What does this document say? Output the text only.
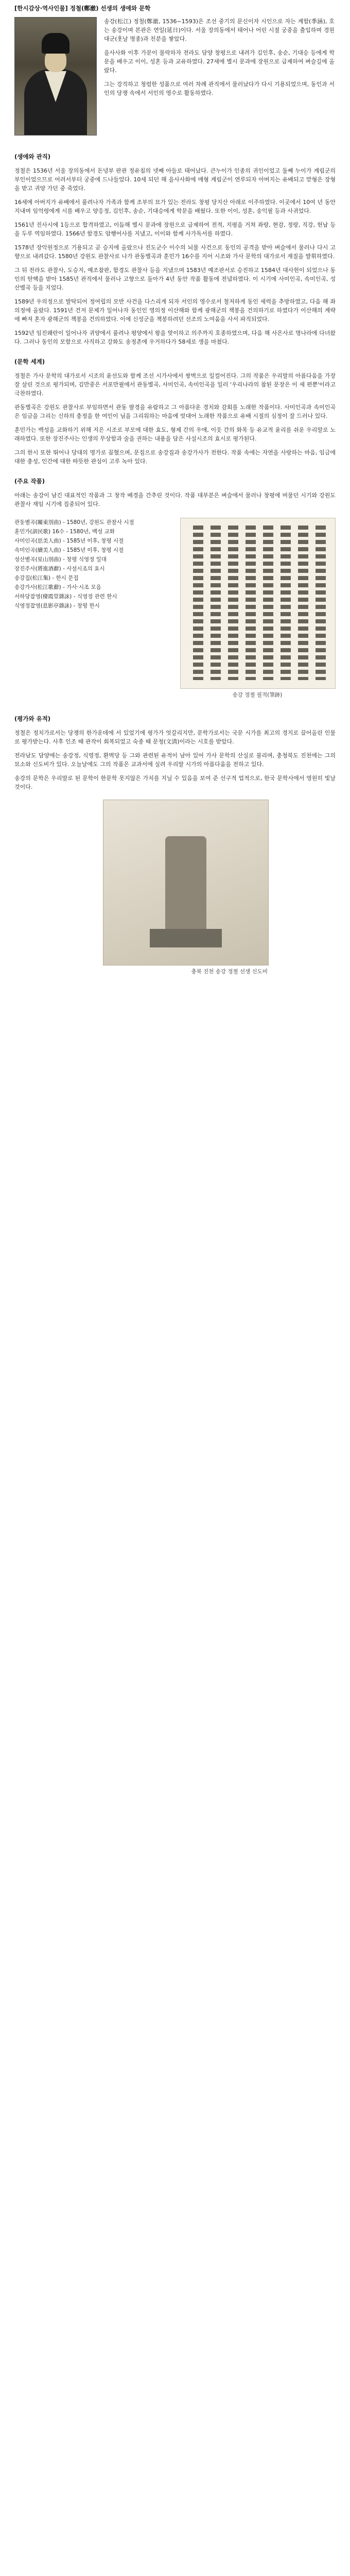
[한시감상·역사인물] 정철(鄭澈) 선생의 생애와 문학

송강(松江) 정철(鄭澈, 1536~1593)은 조선 중기의 문신이자 시인으로 자는 계함(季涵), 호는 송강이며 본관은 연일(延日)이다. 서울 장의동에서 태어나 어린 시절 궁중을 출입하며 경원대군(훗날 명종)과 친분을 쌓았다.

을사사화 이후 가문이 몰락하자 전라도 담양 창평으로 내려가 김인후, 송순, 기대승 등에게 학문을 배우고 이이, 성혼 등과 교유하였다. 27세에 별시 문과에 장원으로 급제하여 벼슬길에 올랐다.

그는 강직하고 청렴한 성품으로 여러 차례 관직에서 물러났다가 다시 기용되었으며, 동인과 서인의 당쟁 속에서 서인의 영수로 활동하였다.

(생애와 관직)

정철은 1536년 서울 장의동에서 돈녕부 판관 정유침의 넷째 아들로 태어났다. 큰누이가 인종의 귀인이었고 둘째 누이가 계림군의 부인이었으므로 어려서부터 궁중에 드나들었다. 10세 되던 해 을사사화에 매형 계림군이 연루되자 아버지는 유배되고 맏형은 장형을 받고 귀양 가던 중 죽었다.

16세에 아버지가 유배에서 풀려나자 가족과 함께 조부의 묘가 있는 전라도 창평 당지산 아래로 이주하였다. 이곳에서 10여 년 동안 지내며 임억령에게 시를 배우고 양응정, 김인후, 송순, 기대승에게 학문을 배웠다. 또한 이이, 성혼, 송익필 등과 사귀었다.

1561년 진사시에 1등으로 합격하였고, 이듬해 별시 문과에 장원으로 급제하여 전적, 지평을 거쳐 좌랑, 현감, 정랑, 직강, 헌납 등을 두루 역임하였다. 1566년 함경도 암행어사를 지냈고, 이이와 함께 사가독서를 하였다.

1578년 장악원정으로 기용되고 곧 승지에 올랐으나 진도군수 이수의 뇌물 사건으로 동인의 공격을 받아 벼슬에서 물러나 다시 고향으로 내려갔다. 1580년 강원도 관찰사로 나가 관동별곡과 훈민가 16수를 지어 시조와 가사 문학의 대가로서 재질을 발휘하였다.

그 뒤 전라도 관찰사, 도승지, 예조참판, 함경도 관찰사 등을 지냈으며 1583년 예조판서로 승진하고 1584년 대사헌이 되었으나 동인의 탄핵을 받아 1585년 관직에서 물러나 고향으로 돌아가 4년 동안 작품 활동에 전념하였다. 이 시기에 사미인곡, 속미인곡, 성산별곡 등을 지었다.

1589년 우의정으로 발탁되어 정여립의 모반 사건을 다스리게 되자 서인의 영수로서 철저하게 동인 세력을 추방하였고, 다음 해 좌의정에 올랐다. 1591년 건저 문제가 일어나자 동인인 영의정 이산해와 함께 광해군의 책봉을 건의하기로 하였다가 이산해의 계략에 빠져 혼자 광해군의 책봉을 건의하였다. 이에 신성군을 책봉하려던 선조의 노여움을 사서 파직되었다.

1592년 임진왜란이 일어나자 귀양에서 풀려나 평양에서 왕을 맞이하고 의주까지 호종하였으며, 다음 해 사은사로 명나라에 다녀왔다. 그러나 동인의 모함으로 사직하고 강화도 송정촌에 우거하다가 58세로 생을 마쳤다.

(문학 세계)

정철은 가사 문학의 대가로서 시조의 윤선도와 함께 조선 시가사에서 쌍벽으로 일컬어진다. 그의 작품은 우리말의 아름다움을 가장 잘 살린 것으로 평가되며, 김만중은 서포만필에서 관동별곡, 사미인곡, 속미인곡을 일러 '우리나라의 참된 문장은 이 세 편뿐'이라고 극찬하였다.

관동별곡은 강원도 관찰사로 부임하면서 관동 팔경을 유람하고 그 아름다운 경치와 감회를 노래한 작품이다. 사미인곡과 속미인곡은 임금을 그리는 신하의 충정을 한 여인이 님을 그리워하는 마음에 빗대어 노래한 작품으로 유배 시절의 심정이 잘 드러나 있다.

훈민가는 백성을 교화하기 위해 지은 시조로 부모에 대한 효도, 형제 간의 우애, 이웃 간의 화목 등 유교적 윤리를 쉬운 우리말로 노래하였다. 또한 장진주사는 인생의 무상함과 술을 권하는 내용을 담은 사설시조의 효시로 평가된다.

그의 한시 또한 뛰어나 당대의 명가로 꼽혔으며, 문집으로 송강집과 송강가사가 전한다. 작품 속에는 자연을 사랑하는 마음, 임금에 대한 충성, 인간에 대한 따뜻한 관심이 고루 녹아 있다.

(주요 작품)

아래는 송강이 남긴 대표적인 작품과 그 창작 배경을 간추린 것이다. 작품 대부분은 벼슬에서 물러나 창평에 머물던 시기와 강원도 관찰사 재임 시기에 집중되어 있다.

관동별곡(關東別曲) - 1580년, 강원도 관찰사 시절
훈민가(訓民歌) 16수 - 1580년, 백성 교화
사미인곡(思美人曲) - 1585년 이후, 창평 시절
속미인곡(續美人曲) - 1585년 이후, 창평 시절
성산별곡(星山別曲) - 창평 식영정 일대
장진주사(將進酒辭) - 사설시조의 효시
송강집(松江集) - 한시 문집
송강가사(松江歌辭) - 가사·시조 모음
서하당잡영(棲霞堂雜詠) - 식영정 관련 한시
식영정잡영(息影亭雜詠) - 창평 한시
송강 정철 필적(筆跡)
(평가와 유적)

정철은 정치가로서는 당쟁의 한가운데에 서 있었기에 평가가 엇갈리지만, 문학가로서는 국문 시가를 최고의 경지로 끌어올린 인물로 평가받는다. 사후 인조 때 관작이 회복되었고 숙종 때 문청(文淸)이라는 시호를 받았다.

전라남도 담양에는 송강정, 식영정, 환벽당 등 그와 관련된 유적이 남아 있어 가사 문학의 산실로 불리며, 충청북도 진천에는 그의 묘소와 신도비가 있다. 오늘날에도 그의 작품은 교과서에 실려 우리말 시가의 아름다움을 전하고 있다.

송강의 문학은 우리말로 된 문학이 한문학 못지않은 가치를 지닐 수 있음을 보여 준 선구적 업적으로, 한국 문학사에서 영원히 빛날 것이다.

충북 진천 송강 정철 선생 신도비
